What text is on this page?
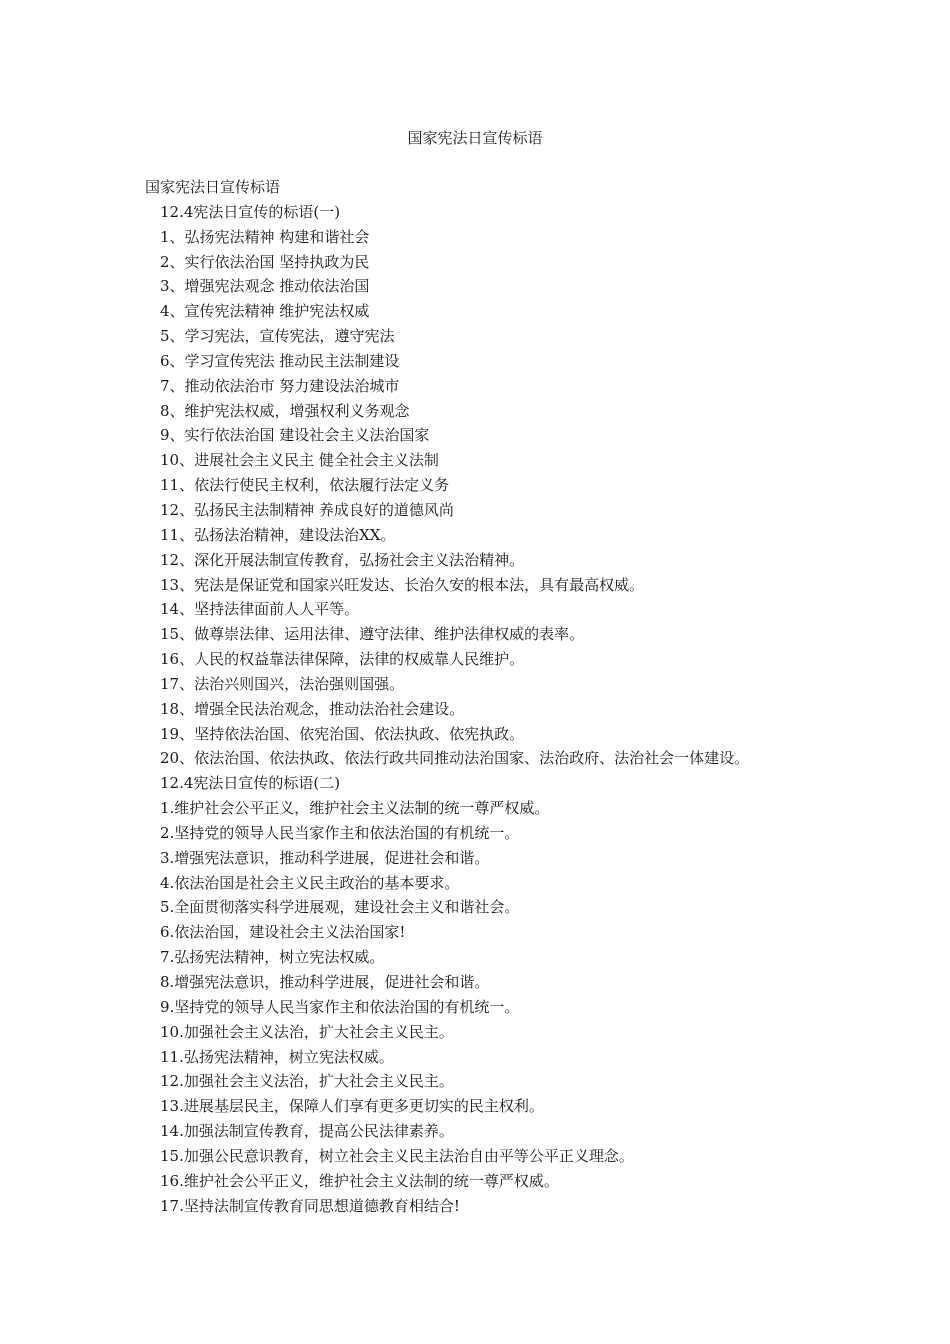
国家宪法日宣传标语
国家宪法日宣传标语
12.4宪法日宣传的标语(一)
1、弘扬宪法精神 构建和谐社会
2、实行依法治国 坚持执政为民
3、增强宪法观念 推动依法治国
4、宣传宪法精神 维护宪法权威
5、学习宪法，宣传宪法，遵守宪法
6、学习宣传宪法 推动民主法制建设
7、推动依法治市 努力建设法治城市
8、维护宪法权威，增强权利义务观念
9、实行依法治国 建设社会主义法治国家
10、进展社会主义民主 健全社会主义法制
11、依法行使民主权利，依法履行法定义务
12、弘扬民主法制精神 养成良好的道德风尚
11、弘扬法治精神，建设法治XX。
12、深化开展法制宣传教育，弘扬社会主义法治精神。
13、宪法是保证党和国家兴旺发达、长治久安的根本法，具有最高权威。
14、坚持法律面前人人平等。
15、做尊崇法律、运用法律、遵守法律、维护法律权威的表率。
16、人民的权益靠法律保障，法律的权威靠人民维护。
17、法治兴则国兴，法治强则国强。
18、增强全民法治观念，推动法治社会建设。
19、坚持依法治国、依宪治国、依法执政、依宪执政。
20、依法治国、依法执政、依法行政共同推动法治国家、法治政府、法治社会一体建设。
12.4宪法日宣传的标语(二)
1.维护社会公平正义，维护社会主义法制的统一尊严权威。
2.坚持党的领导人民当家作主和依法治国的有机统一。
3.增强宪法意识，推动科学进展，促进社会和谐。
4.依法治国是社会主义民主政治的基本要求。
5.全面贯彻落实科学进展观，建设社会主义和谐社会。
6.依法治国，建设社会主义法治国家!
7.弘扬宪法精神，树立宪法权威。
8.增强宪法意识，推动科学进展，促进社会和谐。
9.坚持党的领导人民当家作主和依法治国的有机统一。
10.加强社会主义法治，扩大社会主义民主。
11.弘扬宪法精神，树立宪法权威。
12.加强社会主义法治，扩大社会主义民主。
13.进展基层民主，保障人们享有更多更切实的民主权利。
14.加强法制宣传教育，提高公民法律素养。
15.加强公民意识教育，树立社会主义民主法治自由平等公平正义理念。
16.维护社会公平正义，维护社会主义法制的统一尊严权威。
17.坚持法制宣传教育同思想道德教育相结合!
